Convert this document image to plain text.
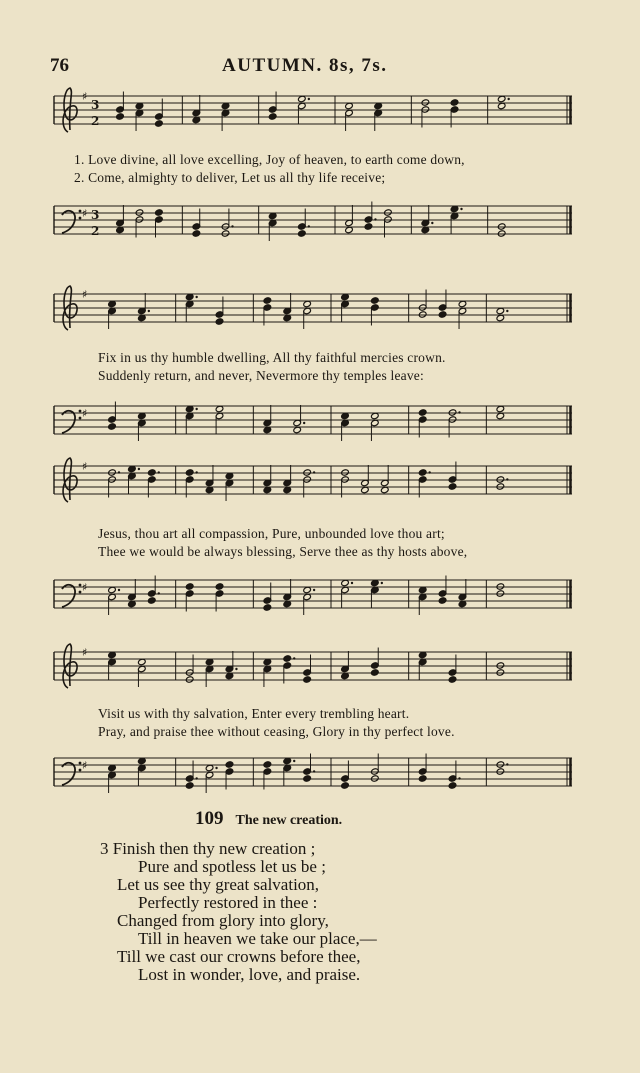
76	AUTUMN. 8s, 7s.
♯
3
2
1. Love divine, all love excelling, Joy of heaven, to earth come down,
2. Come, almighty to deliver, Let us all thy life receive;
♯ 3
2
♯
Fix in us thy humble dwelling, All thy faithful mercies crown.
Suddenly return, and never, Nevermore thy temples leave:
♯
♯
Jesus, thou art all compassion, Pure, unbounded love thou art;
Thee we would be always blessing, Serve thee as thy hosts above,
♯
♯
Visit us with thy salvation, Enter every trembling heart.
Pray, and praise thee without ceasing, Glory in thy perfect love.
♯
109 The new creation.
3 Finish then thy new creation ;
Pure and spotless let us be ;
Let us see thy great salvation,
Perfectly restored in thee :
Changed from glory into glory,
Till in heaven we take our place,—
Till we cast our crowns before thee,
Lost in wonder, love, and praise.
